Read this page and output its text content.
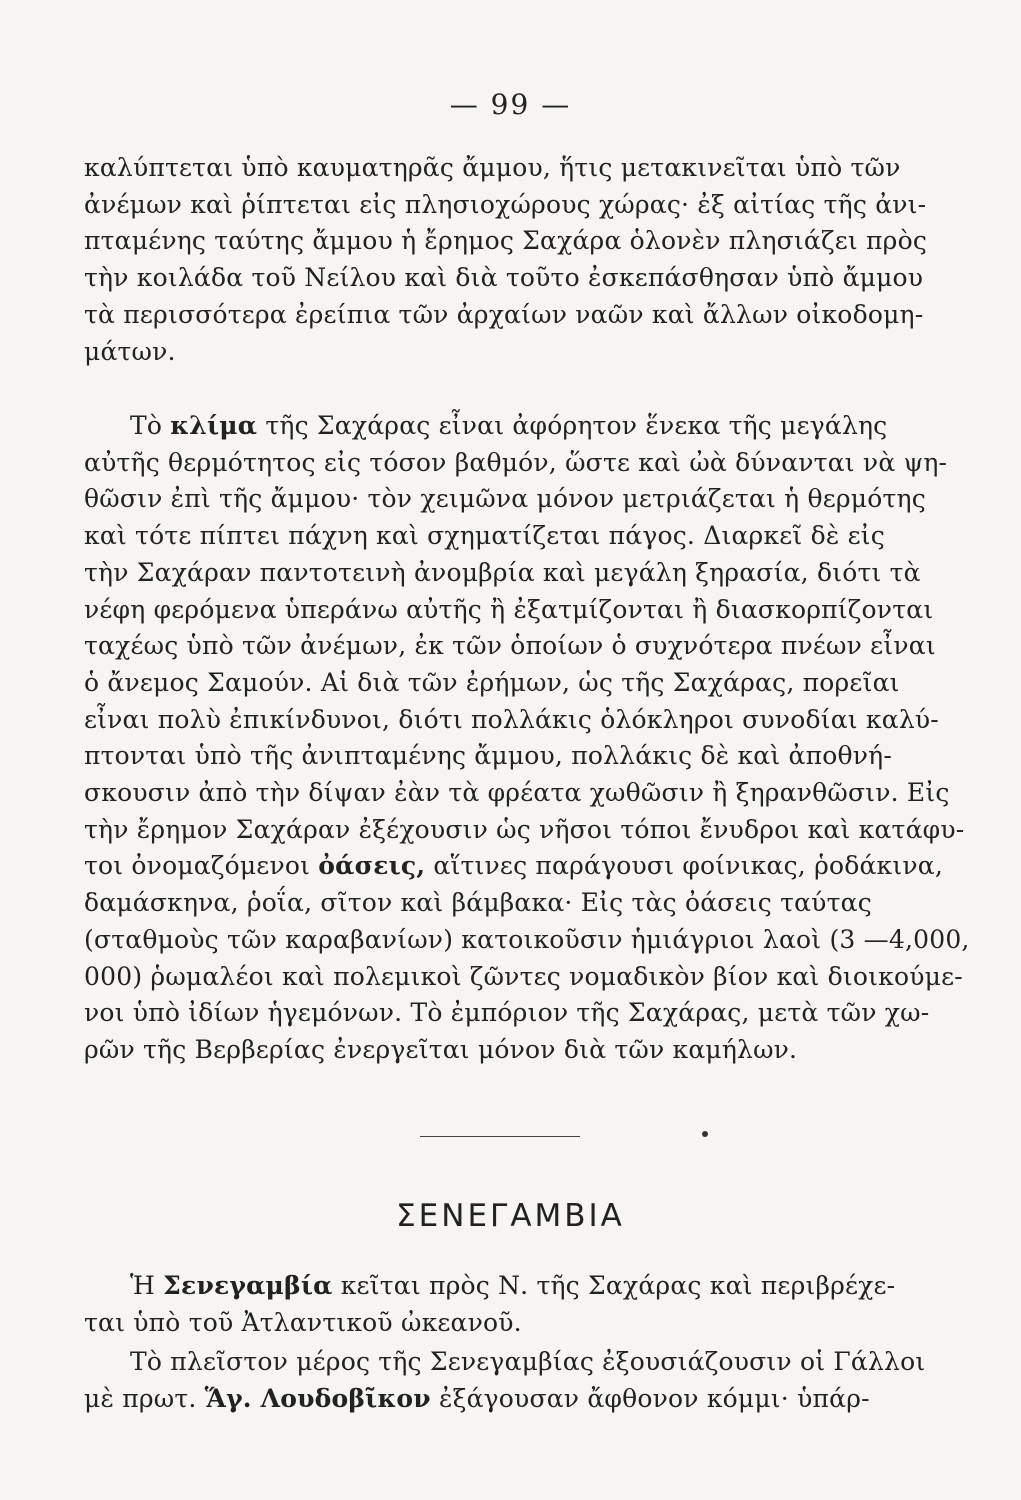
— 99 —
καλύπτεται ὑπὸ καυματηρᾶς ἄμμου, ἥτις μετακινεῖται ὑπὸ τῶν
ἀνέμων καὶ ῥίπτεται εἰς πλησιοχώρους χώρας· ἐξ αἰτίας τῆς ἀνι-
πταμένης ταύτης ἄμμου ἡ ἔρημος Σαχάρα ὁλονὲν πλησιάζει πρὸς
τὴν κοιλάδα τοῦ Νείλου καὶ διὰ τοῦτο ἐσκεπάσθησαν ὑπὸ ἄμμου
τὰ περισσότερα ἐρείπια τῶν ἀρχαίων ναῶν καὶ ἄλλων οἰκοδομη-
μάτων.
Τὸ κλίμα τῆς Σαχάρας εἶναι ἀφόρητον ἕνεκα τῆς μεγάλης
αὐτῆς θερμότητος εἰς τόσον βαθμόν, ὥστε καὶ ὠὰ δύνανται νὰ ψη-
θῶσιν ἐπὶ τῆς ἄμμου· τὸν χειμῶνα μόνον μετριάζεται ἡ θερμότης
καὶ τότε πίπτει πάχνη καὶ σχηματίζεται πάγος. Διαρκεῖ δὲ εἰς
τὴν Σαχάραν παντοτεινὴ ἀνομβρία καὶ μεγάλη ξηρασία, διότι τὰ
νέφη φερόμενα ὑπεράνω αὐτῆς ἢ ἐξατμίζονται ἢ διασκορπίζονται
ταχέως ὑπὸ τῶν ἀνέμων, ἐκ τῶν ὁποίων ὁ συχνότερα πνέων εἶναι
ὁ ἄνεμος Σαμούν. Αἱ διὰ τῶν ἐρήμων, ὡς τῆς Σαχάρας, πορεῖαι
εἶναι πολὺ ἐπικίνδυνοι, διότι πολλάκις ὁλόκληροι συνοδίαι καλύ-
πτονται ὑπὸ τῆς ἀνιπταμένης ἄμμου, πολλάκις δὲ καὶ ἀποθνή-
σκουσιν ἀπὸ τὴν δίψαν ἐὰν τὰ φρέατα χωθῶσιν ἢ ξηρανθῶσιν. Εἰς
τὴν ἔρημον Σαχάραν ἐξέχουσιν ὡς νῆσοι τόποι ἔνυδροι καὶ κατάφυ-
τοι ὀνομαζόμενοι ὀάσεις, αἵτινες παράγουσι φοίνικας, ῥοδάκινα,
δαμάσκηνα, ῥοΐα, σῖτον καὶ βάμβακα· Εἰς τὰς ὀάσεις ταύτας
(σταθμοὺς τῶν καραβανίων) κατοικοῦσιν ἡμιάγριοι λαοὶ (3 —4,000,
000) ῥωμαλέοι καὶ πολεμικοὶ ζῶντες νομαδικὸν βίον καὶ διοικούμε-
νοι ὑπὸ ἰδίων ἡγεμόνων. Τὸ ἐμπόριον τῆς Σαχάρας, μετὰ τῶν χω-
ρῶν τῆς Βερβερίας ἐνεργεῖται μόνον διὰ τῶν καμήλων.
ΣΕΝΕΓΑΜΒΙΑ
Ἡ Σενεγαμβία κεῖται πρὸς Ν. τῆς Σαχάρας καὶ περιβρέχε-
ται ὑπὸ τοῦ Ἀτλαντικοῦ ὠκεανοῦ.
Τὸ πλεῖστον μέρος τῆς Σενεγαμβίας ἐξουσιάζουσιν οἱ Γάλλοι
μὲ πρωτ. Ἅγ. Λουδοβῖκον ἐξάγουσαν ἄφθονον κόμμι· ὑπάρ-
